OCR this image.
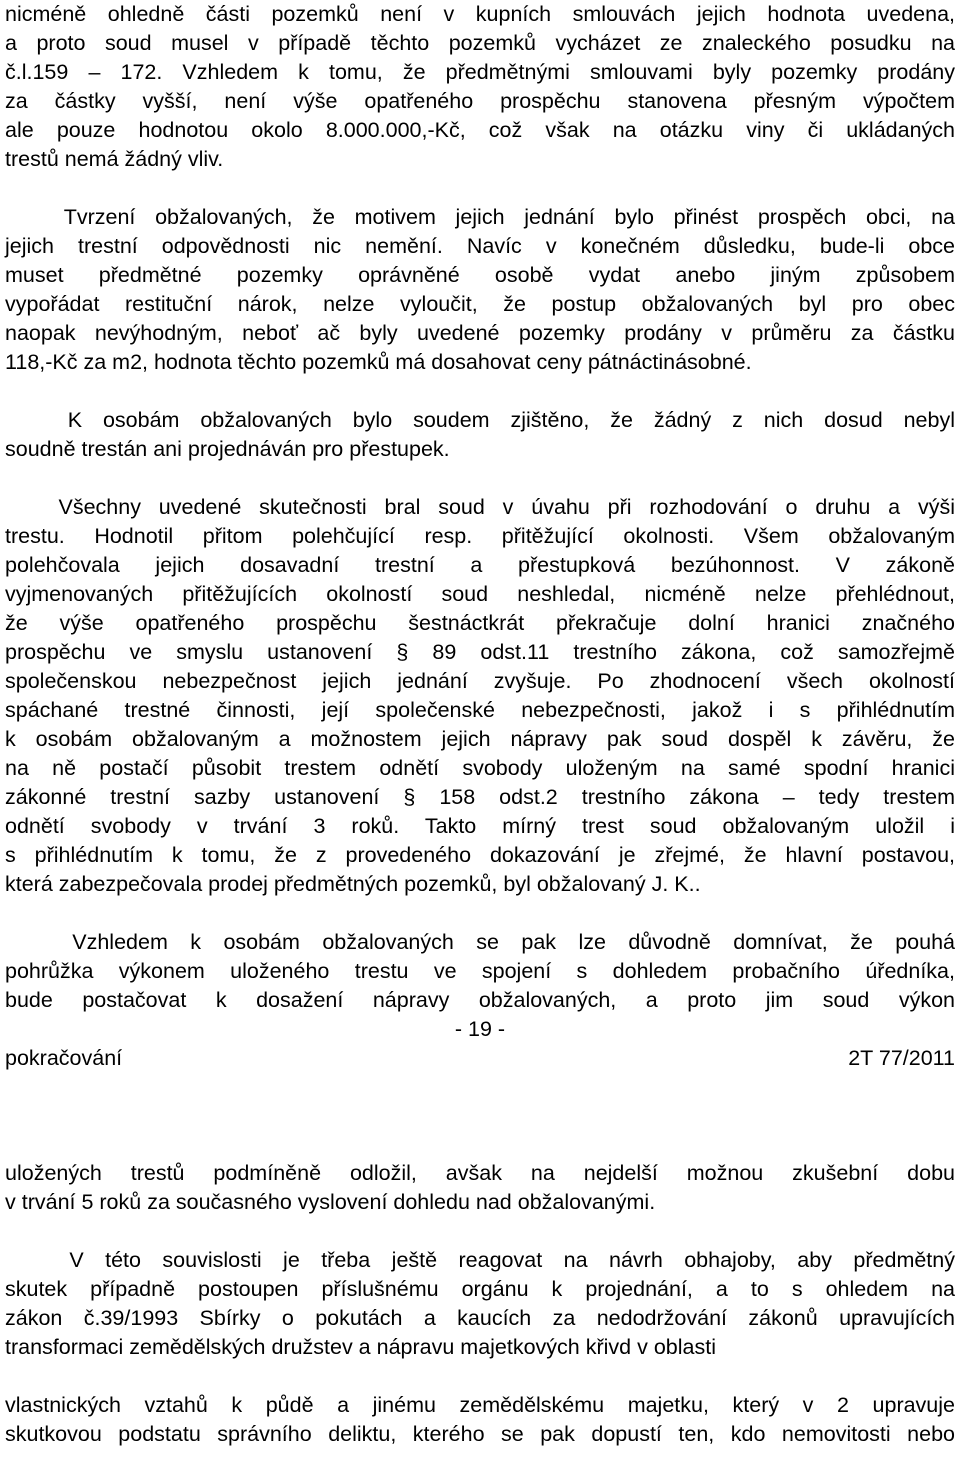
nicméně ohledně části pozemků není v kupních smlouvách jejich hodnota uvedena,
a proto soud musel v případě těchto pozemků vycházet ze znaleckého posudku na
č.l.159 – 172. Vzhledem k tomu, že předmětnými smlouvami byly pozemky prodány
za částky vyšší, není výše opatřeného prospěchu stanovena přesným výpočtem
ale pouze hodnotou okolo 8.000.000,-Kč, což však na otázku viny či ukládaných
trestů nemá žádný vliv.
Tvrzení obžalovaných, že motivem jejich jednání bylo přinést prospěch obci, na
jejich trestní odpovědnosti nic nemění. Navíc v konečném důsledku, bude-li obce
muset předmětné pozemky oprávněné osobě vydat anebo jiným způsobem
vypořádat restituční nárok, nelze vyloučit, že postup obžalovaných byl pro obec
naopak nevýhodným, neboť ač byly uvedené pozemky prodány v průměru za částku
118,-Kč za m2, hodnota těchto pozemků má dosahovat ceny pátnáctinásobné.
K osobám obžalovaných bylo soudem zjištěno, že žádný z nich dosud nebyl
soudně trestán ani projednáván pro přestupek.
Všechny uvedené skutečnosti bral soud v úvahu při rozhodování o druhu a výši
trestu. Hodnotil přitom polehčující resp. přitěžující okolnosti. Všem obžalovaným
polehčovala jejich dosavadní trestní a přestupková bezúhonnost. V zákoně
vyjmenovaných přitěžujících okolností soud neshledal, nicméně nelze přehlédnout,
že výše opatřeného prospěchu šestnáctkrát překračuje dolní hranici značného
prospěchu ve smyslu ustanovení § 89 odst.11 trestního zákona, což samozřejmě
společenskou nebezpečnost jejich jednání zvyšuje. Po zhodnocení všech okolností
spáchané trestné činnosti, její společenské nebezpečnosti, jakož i s přihlédnutím
k osobám obžalovaným a možnostem jejich nápravy pak soud dospěl k závěru, že
na ně postačí působit trestem odnětí svobody uloženým na samé spodní hranici
zákonné trestní sazby ustanovení § 158 odst.2 trestního zákona – tedy trestem
odnětí svobody v trvání 3 roků. Takto mírný trest soud obžalovaným uložil i
s přihlédnutím k tomu, že z provedeného dokazování je zřejmé, že hlavní postavou,
která zabezpečovala prodej předmětných pozemků, byl obžalovaný J. K..
Vzhledem k osobám obžalovaných se pak lze důvodně domnívat, že pouhá
pohrůžka výkonem uloženého trestu ve spojení s dohledem probačního úředníka,
bude postačovat k dosažení nápravy obžalovaných, a proto jim soud výkon
- 19 -
pokračování	2T 77/2011
uložených trestů podmíněně odložil, avšak na nejdelší možnou zkušební dobu
v trvání 5 roků za současného vyslovení dohledu nad obžalovanými.
V této souvislosti je třeba ještě reagovat na návrh obhajoby, aby předmětný
skutek případně postoupen příslušnému orgánu k projednání, a to s ohledem na
zákon č.39/1993 Sbírky o pokutách a kaucích za nedodržování zákonů upravujících
transformaci zemědělských družstev a nápravu majetkových křivd v oblasti
vlastnických vztahů k půdě a jinému zemědělskému majetku, který v 2 upravuje
skutkovou podstatu správního deliktu, kterého se pak dopustí ten, kdo nemovitosti nebo
